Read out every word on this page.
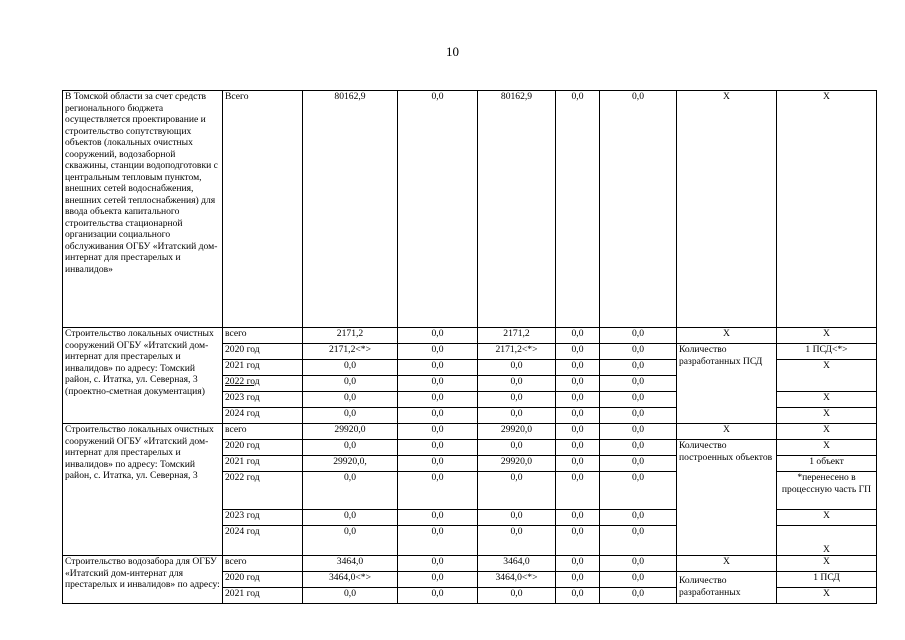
10
В Томской области за счет средств регионального бюджета осуществляется проектирование и строительство сопутствующих объектов (локальных очистных сооружений, водозаборной скважины, станции водоподготовки с центральным тепловым пунктом, внешних сетей водоснабжения, внешних сетей теплоснабжения) для ввода объекта капитального строительства стационарной организации социального обслуживания ОГБУ «Итатский дом-интернат для престарелых и инвалидов»	Всего	80162,9	0,0	80162,9	0,0	0,0	Х	Х
Строительство локальных очистных сооружений ОГБУ «Итатский дом-интернат для престарелых и инвалидов» по адресу: Томский район, с. Итатка, ул. Северная, 3 (проектно-сметная документация)	всего	2171,2	0,0	2171,2	0,0	0,0	Х	Х
	2020 год	2171,2<*>	0,0	2171,2<*>	0,0	0,0	Количество разработанных ПСД	1 ПСД<*>
	2021 год	0,0	0,0	0,0	0,0	0,0		Х
	2022 год	0,0	0,0	0,0	0,0	0,0		
	2023 год	0,0	0,0	0,0	0,0	0,0		Х
	2024 год	0,0	0,0	0,0	0,0	0,0		Х
Строительство локальных очистных сооружений ОГБУ «Итатский дом-интернат для престарелых и инвалидов» по адресу: Томский район, с. Итатка, ул. Северная, 3	всего	29920,0	0,0	29920,0	0,0	0,0	Х	Х
	2020 год	0,0	0,0	0,0	0,0	0,0	Количество построенных объектов	Х
	2021 год	29920,0,	0,0	29920,0	0,0	0,0		1 объект
	2022 год	0,0	0,0	0,0	0,0	0,0		*перенесено в процессную часть ГП
	2023 год	0,0	0,0	0,0	0,0	0,0		Х
	2024 год	0,0	0,0	0,0	0,0	0,0		Х
Строительство водозабора для ОГБУ «Итатский дом-интернат для престарелых и инвалидов» по адресу:	всего	3464,0	0,0	3464,0	0,0	0,0	Х	Х
	2020 год	3464,0<*>	0,0	3464,0<*>	0,0	0,0	Количество разработанных	1 ПСД
	2021 год	0,0	0,0	0,0	0,0	0,0		Х
